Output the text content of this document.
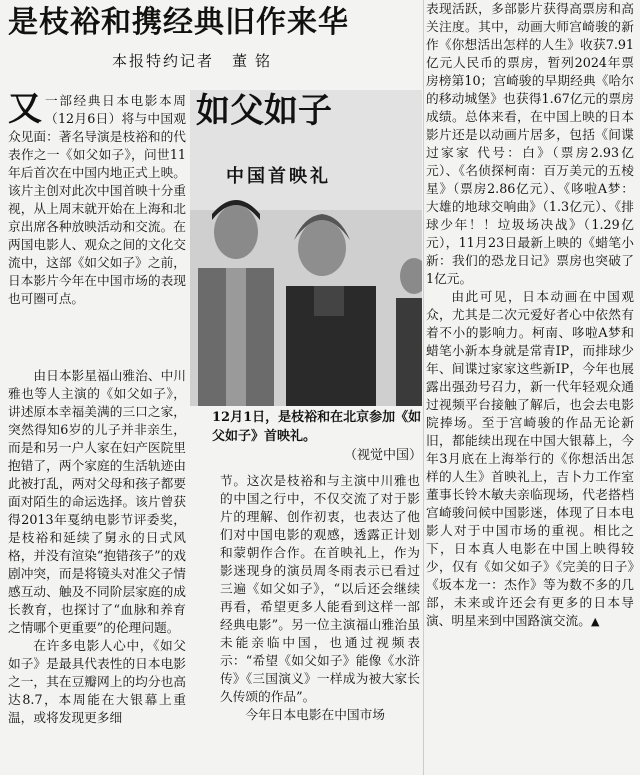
是枝裕和携经典旧作来华
本报特约记者 董铭

又一部经典日本电影本周（12月6日）将与中国观众见面：著名导演是枝裕和的代表作之一《如父如子》，问世11年后首次在中国内地正式上映。该片主创对此次中国首映十分重视，从上周末就开始在上海和北京出席各种放映活动和交流。在两国电影人、观众之间的文化交流中，这部《如父如子》之前，日本影片今年在中国市场的表现也可圈可点。

如父如子
中国首映礼
12月1日，是枝裕和在北京参加《如父如子》首映礼。
（视觉中国）

由日本影星福山雅治、中川雅也等人主演的《如父如子》，讲述原本幸福美满的三口之家，突然得知6岁的儿子并非亲生，而是和另一户人家在妇产医院里抱错了，两个家庭的生活轨迹由此被打乱，两对父母和孩子都要面对陌生的命运选择。该片曾获得2013年戛纳电影节评委奖，是枝裕和延续了舅永的日式风格，并没有渲染“抱错孩子”的戏剧冲突，而是将镜头对准父子情感互动、触及不同阶层家庭的成长教育，也探讨了“血脉和养育之情哪个更重要”的伦理问题。

在许多电影人心中，《如父如子》是最具代表性的日本电影之一，其在豆瓣网上的均分也高达8.7，本周能在大银幕上重温，或将发现更多细

节。这次是枝裕和与主演中川雅也的中国之行中，不仅交流了对于影片的理解、创作初衷，也表达了他们对中国电影的观感，透露正计划和蒙朝作合作。在首映礼上，作为影迷现身的演员周冬雨表示已看过三遍《如父如子》，“以后还会继续再看，希望更多人能看到这样一部经典电影”。另一位主演福山雅治虽未能亲临中国，也通过视频表示：“希望《如父如子》能像《水浒传》《三国演义》一样成为被大家长久传颂的作品”。

今年日本电影在中国市场

表现活跃，多部影片获得高票房和高关注度。其中，动画大师宫崎骏的新作《你想活出怎样的人生》收获7.91亿元人民币的票房，暂列2024年票房榜第10；宫崎骏的早期经典《哈尔的移动城堡》也获得1.67亿元的票房成绩。总体来看，在中国上映的日本影片还是以动画片居多，包括《间谍过家家 代号：白》（票房2.93亿元）、《名侦探柯南：百万美元的五棱星》（票房2.86亿元）、《哆啦A梦：大雄的地球交响曲》（1.3亿元）、《排球少年！！垃圾场决战》（1.29亿元），11月23日最新上映的《蜡笔小新：我们的恐龙日记》票房也突破了1亿元。

由此可见，日本动画在中国观众，尤其是二次元爱好者心中依然有着不小的影响力。柯南、哆啦A梦和蜡笔小新本身就是常青IP，而排球少年、间谍过家家这些新IP，今年也展露出强劲号召力，新一代年轻观众通过视频平台接触了解后，也会去电影院捧场。至于宫崎骏的作品无论新旧，都能续出现在中国大银幕上，今年3月底在上海举行的《你想活出怎样的人生》首映礼上，吉卜力工作室董事长铃木敏夫亲临现场，代老搭档宫崎骏问候中国影迷，体现了日本电影人对于中国市场的重视。相比之下，日本真人电影在中国上映得较少，仅有《如父如子》《完美的日子》《坂本龙一：杰作》等为数不多的几部，未来或许还会有更多的日本导演、明星来到中国路演交流。▲
